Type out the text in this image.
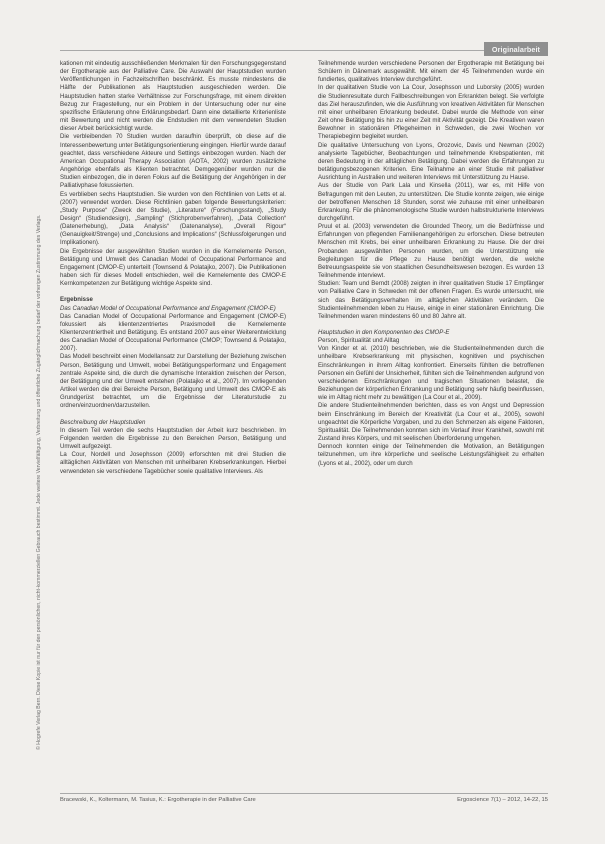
Originalarbeit
© Hogrefe Verlag Bern. Diese Kopie ist nur für den persönlichen, nicht-kommerziellen Gebrauch bestimmt. Jede weitere Vervielfältigung, Verbreitung und öffentliche Zugänglichmachung bedarf der vorherigen Zustimmung des Verlags.

kationen mit eindeutig ausschließenden Merkmalen für den Forschungsgegenstand der Ergotherapie aus der Palliative Care. Die Auswahl der Hauptstudien wurden Veröffentlichungen in Fachzeitschriften beschränkt. Es musste mindestens die Hälfte der Publikationen als Hauptstudien ausgeschieden werden. Die Hauptstudien hatten starke Verhältnisse zur Forschungsfrage, mit einem direkten Bezug zur Fragestellung, nur ein Problem in der Untersuchung oder nur eine spezifische Erläuterung ohne Erklärungsbedarf. Dann eine detaillierte Kriterienliste mit Bewertung und nicht werden die Endstudien mit dem verwendeten Studien dieser Arbeit berücksichtigt wurde.

Die verbleibenden 70 Studien wurden daraufhin überprüft, ob diese auf die Interessenbewertung unter Betätigungsorientierung eingingen. Hierfür wurde darauf geachtet, dass verschiedene Akteure und Settings einbezogen wurden. Nach der American Occupational Therapy Association (AOTA, 2002) wurden zusätzliche Angehörige ebenfalls als Klienten betrachtet. Demgegenüber wurden nur die Studien einbezogen, die in deren Fokus auf die Betätigung der Angehörigen in der Palliativphase fokussierten.

Es verblieben sechs Hauptstudien. Sie wurden von den Richtlinien von Letts et al. (2007) verwendet worden. Diese Richtlinien gaben folgende Bewertungskriterien: „Study Purpose“ (Zweck der Studie), „Literature“ (Forschungsstand), „Study Design“ (Studiendesign), „Sampling“ (Stichprobenverfahren), „Data Collection“ (Datenerhebung), „Data Analysis“ (Datenanalyse), „Overall Rigour“ (Genauigkeit/Strenge) und „Conclusions and Implications“ (Schlussfolgerungen und Implikationen).

Die Ergebnisse der ausgewählten Studien wurden in die Kernelemente Person, Betätigung und Umwelt des Canadian Model of Occupational Performance and Engagement (CMOP-E) unterteilt (Townsend & Polatajko, 2007). Die Publikationen haben sich für dieses Modell entschieden, weil die Kernelemente des CMOP-E Kernkompetenzen zur Betätigung wichtige Aspekte sind.

Ergebnisse

Das Canadian Model of Occupational Performance and Engagement (CMOP-E)

Das Canadian Model of Occupational Performance and Engagement (CMOP-E) fokussiert als klientenzentriertes Praxismodell die Kernelemente Klientenzentriertheit und Betätigung. Es entstand 2007 aus einer Weiterentwicklung des Canadian Model of Occupational Performance (CMOP; Townsend & Polatajko, 2007).

Das Modell beschreibt einen Modellansatz zur Darstellung der Beziehung zwischen Person, Betätigung und Umwelt, wobei Betätigungsperformanz und Engagement zentrale Aspekte sind, die durch die dynamische Interaktion zwischen der Person, der Betätigung und der Umwelt entstehen (Polatajko et al., 2007). Im vorliegenden Artikel werden die drei Bereiche Person, Betätigung und Umwelt des CMOP-E als Grundgerüst betrachtet, um die Ergebnisse der Literaturstudie zu ordnen/einzuordnen/darzustellen.

Beschreibung der Hauptstudien

In diesem Teil werden die sechs Hauptstudien der Arbeit kurz beschrieben. Im Folgenden werden die Ergebnisse zu den Bereichen Person, Betätigung und Umwelt aufgezeigt.

La Cour, Nordell und Josephsson (2009) erforschten mit drei Studien die alltäglichen Aktivitäten von Menschen mit unheilbaren Krebserkrankungen. Hierbei verwendeten sie verschiedene Tagebücher sowie qualitative Interviews. Als

Teilnehmende wurden verschiedene Personen der Ergotherapie mit Betätigung bei Schülern in Dänemark ausgewählt. Mit einem der 45 Teilnehmenden wurde ein fundiertes, qualitatives Interview durchgeführt.

In der qualitativen Studie von La Cour, Josephsson und Luborsky (2005) wurden die Studienresultate durch Fallbeschreibungen von Erkrankten belegt. Sie verfolgte das Ziel herauszufinden, wie die Ausführung von kreativen Aktivitäten für Menschen mit einer unheilbaren Erkrankung bedeutet. Dabei wurde die Methode von einer Zeit ohne Betätigung bis hin zu einer Zeit mit Aktivität gezeigt. Die Kreativen waren Bewohner in stationären Pflegeheimen in Schweden, die zwei Wochen vor Therapiebeginn begleitet wurden.

Die qualitative Untersuchung von Lyons, Orozovic, Davis und Newman (2002) analysierte Tagebücher, Beobachtungen und teilnehmende Krebspatienten, mit deren Bedeutung in der alltäglichen Betätigung. Dabei werden die Erfahrungen zu betätigungsbezogenen Kriterien. Eine Teilnahme an einer Studie mit palliativer Ausrichtung in Australien und weiteren Interviews mit Unterstützung zu Hause.

Aus der Studie von Park Lala und Kinsella (2011), war es, mit Hilfe von Befragungen mit den Leuten, zu unterstützen. Die Studie konnte zeigen, wie einige der betroffenen Menschen 18 Stunden, sonst wie zuhause mit einer unheilbaren Erkrankung. Für die phänomenologische Studie wurden halbstrukturierte Interviews durchgeführt.

Pruul et al. (2003) verwendeten die Grounded Theory, um die Bedürfnisse und Erfahrungen von pflegenden Familienangehörigen zu erforschen. Diese betreuten Menschen mit Krebs, bei einer unheilbaren Erkrankung zu Hause. Die der drei Probanden ausgewählten Personen wurden, um die Unterstützung wie Begleitungen für die Pflege zu Hause benötigt werden, die welche Betreuungsaspekte sie von staatlichen Gesundheitswesen bezogen. Es wurden 13 Teilnehmende interviewt.

Studien: Team und Berndt (2008) zeigten in ihrer qualitativen Studie 17 Empfänger von Palliative Care in Schweden mit der offenen Fragen. Es wurde untersucht, wie sich das Betätigungsverhalten im alltäglichen Aktivitäten verändern. Die Studienteilnehmenden leben zu Hause, einige in einer stationären Einrichtung. Die Teilnehmenden waren mindestens 60 und 80 Jahre alt.

Hauptstudien in den Komponenten des CMOP-E

Person, Spiritualität und Alltag

Von Kinder et al. (2010) beschrieben, wie die Studienteilnehmenden durch die unheilbare Krebserkrankung mit physischen, kognitiven und psychischen Einschränkungen in ihrem Alltag konfrontiert. Einerseits fühlten die betroffenen Personen ein Gefühl der Unsicherheit, fühlten sich die Teilnehmenden aufgrund von verschiedenen Einschränkungen und tragischen Situationen belastet, die Beziehungen der körperlichen Erkrankung und Betätigung sehr häufig beeinflussen, wie im Alltag nicht mehr zu bewältigen (La Cour et al., 2009).

Die andere Studienteilnehmenden berichten, dass es von Angst und Depression beim Einschränkung im Bereich der Kreativität (La Cour et al., 2005), sowohl ungeachtet die Körperliche Vorgaben, und zu den Schmerzen als eigene Faktoren, Spiritualität. Die Teilnehmenden konnten sich im Verlauf ihrer Krankheit, sowohl mit Zustand ihres Körpers, und mit seelischen Überforderung umgehen.

Dennoch konnten einige der Teilnehmenden die Motivation, an Betätigungen teilzunehmen, um ihre körperliche und seelische Leistungsfähigkeit zu erhalten (Lyons et al., 2002), oder um durch

Bracewski, K., Koltermann, M. Tasius, K.: Ergotherapie in der Palliative Care	Ergoscience 7(1) – 2012, 14-22, 15
